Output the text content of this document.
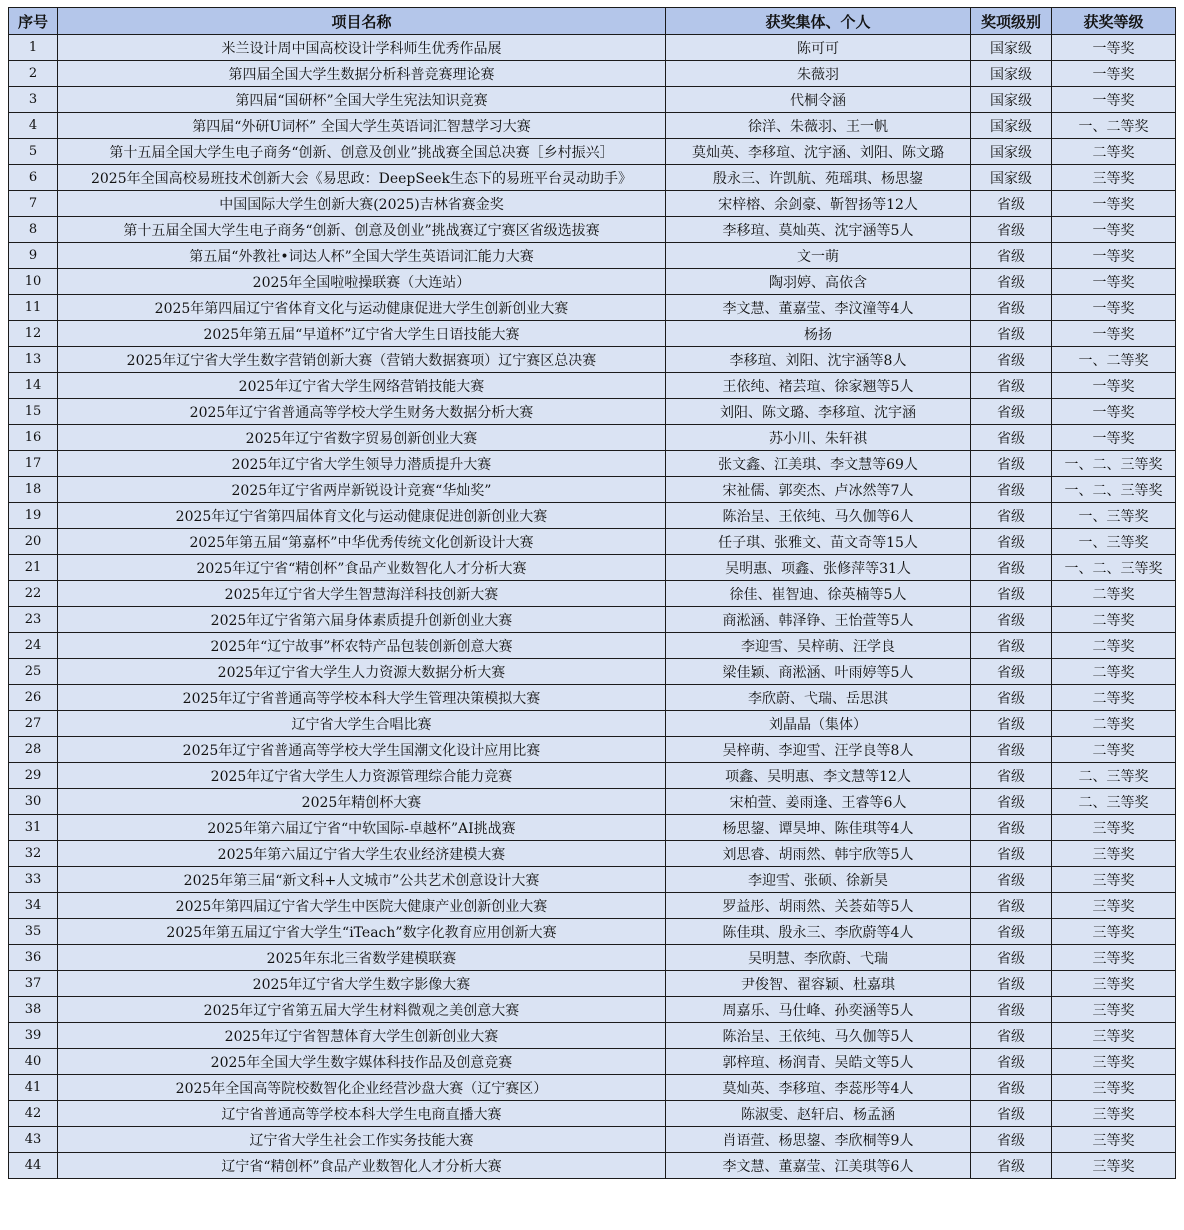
序号	项目名称	获奖集体、个人	奖项级别	获奖等级
1	米兰设计周中国高校设计学科师生优秀作品展	陈可可	国家级	一等奖
2	第四届全国大学生数据分析科普竞赛理论赛	朱薇羽	国家级	一等奖
3	第四届“国研杯”全国大学生宪法知识竞赛	代桐令涵	国家级	一等奖
4	第四届“外研U词杯” 全国大学生英语词汇智慧学习大赛	徐洋、朱薇羽、王一帆	国家级	一、二等奖
5	第十五届全国大学生电子商务“创新、创意及创业”挑战赛全国总决赛［乡村振兴］	莫灿英、李移瑄、沈宇涵、刘阳、陈文璐	国家级	二等奖
6	2025年全国高校易班技术创新大会《易思政：DeepSeek生态下的易班平台灵动助手》	殷永三、许凯航、苑瑶琪、杨思鋆	国家级	三等奖
7	中国国际大学生创新大赛(2025)吉林省赛金奖	宋梓榕、余剑豪、靳智扬等12人	省级	一等奖
8	第十五届全国大学生电子商务“创新、创意及创业”挑战赛辽宁赛区省级选拔赛	李移瑄、莫灿英、沈宇涵等5人	省级	一等奖
9	第五届“外教社•词达人杯”全国大学生英语词汇能力大赛	文一萌	省级	一等奖
10	2025年全国啦啦操联赛（大连站）	陶羽婷、高依含	省级	一等奖
11	2025年第四届辽宁省体育文化与运动健康促进大学生创新创业大赛	李文慧、董嘉莹、李汶潼等4人	省级	一等奖
12	2025年第五届“早道杯”辽宁省大学生日语技能大赛	杨扬	省级	一等奖
13	2025年辽宁省大学生数字营销创新大赛（营销大数据赛项）辽宁赛区总决赛	李移瑄、刘阳、沈宇涵等8人	省级	一、二等奖
14	2025年辽宁省大学生网络营销技能大赛	王依纯、褚芸瑄、徐家翘等5人	省级	一等奖
15	2025年辽宁省普通高等学校大学生财务大数据分析大赛	刘阳、陈文璐、李移瑄、沈宇涵	省级	一等奖
16	2025年辽宁省数字贸易创新创业大赛	苏小川、朱轩祺	省级	一等奖
17	2025年辽宁省大学生领导力潜质提升大赛	张文鑫、江美琪、李文慧等69人	省级	一、二、三等奖
18	2025年辽宁省两岸新锐设计竞赛“华灿奖”	宋祉儒、郭奕杰、卢冰然等7人	省级	一、二、三等奖
19	2025年辽宁省第四届体育文化与运动健康促进创新创业大赛	陈治呈、王依纯、马久伽等6人	省级	一、三等奖
20	2025年第五届“第嘉杯”中华优秀传统文化创新设计大赛	任子琪、张雅文、苗文奇等15人	省级	一、三等奖
21	2025年辽宁省“精创杯”食品产业数智化人才分析大赛	吴明惠、项鑫、张修萍等31人	省级	一、二、三等奖
22	2025年辽宁省大学生智慧海洋科技创新大赛	徐佳、崔智迪、徐英楠等5人	省级	二等奖
23	2025年辽宁省第六届身体素质提升创新创业大赛	商淞涵、韩泽铮、王怡萱等5人	省级	二等奖
24	2025年“辽宁故事”杯农特产品包装创新创意大赛	李迎雪、吴梓萌、汪学良	省级	二等奖
25	2025年辽宁省大学生人力资源大数据分析大赛	梁佳颖、商淞涵、叶雨婷等5人	省级	二等奖
26	2025年辽宁省普通高等学校本科大学生管理决策模拟大赛	李欣蔚、弋瑞、岳思淇	省级	二等奖
27	辽宁省大学生合唱比赛	刘晶晶（集体）	省级	二等奖
28	2025年辽宁省普通高等学校大学生国潮文化设计应用比赛	吴梓萌、李迎雪、汪学良等8人	省级	二等奖
29	2025年辽宁省大学生人力资源管理综合能力竞赛	项鑫、吴明惠、李文慧等12人	省级	二、三等奖
30	2025年精创杯大赛	宋柏萱、姜雨逢、王睿等6人	省级	二、三等奖
31	2025年第六届辽宁省“中软国际-卓越杯”AI挑战赛	杨思鋆、谭昊坤、陈佳琪等4人	省级	三等奖
32	2025年第六届辽宁省大学生农业经济建模大赛	刘思睿、胡雨然、韩宇欣等5人	省级	三等奖
33	2025年第三届“新文科+人文城市”公共艺术创意设计大赛	李迎雪、张硕、徐新昊	省级	三等奖
34	2025年第四届辽宁省大学生中医院大健康产业创新创业大赛	罗益彤、胡雨然、关荟茹等5人	省级	三等奖
35	2025年第五届辽宁省大学生“iTeach”数字化教育应用创新大赛	陈佳琪、殷永三、李欣蔚等4人	省级	三等奖
36	2025年东北三省数学建模联赛	吴明慧、李欣蔚、弋瑞	省级	三等奖
37	2025年辽宁省大学生数字影像大赛	尹俊智、翟容颖、杜嘉琪	省级	三等奖
38	2025年辽宁省第五届大学生材料微观之美创意大赛	周嘉乐、马仕峰、孙奕涵等5人	省级	三等奖
39	2025年辽宁省智慧体育大学生创新创业大赛	陈治呈、王依纯、马久伽等5人	省级	三等奖
40	2025年全国大学生数字媒体科技作品及创意竞赛	郭梓瑄、杨润青、吴皓文等5人	省级	三等奖
41	2025年全国高等院校数智化企业经营沙盘大赛（辽宁赛区）	莫灿英、李移瑄、李蕊彤等4人	省级	三等奖
42	辽宁省普通高等学校本科大学生电商直播大赛	陈淑雯、赵轩启、杨孟涵	省级	三等奖
43	辽宁省大学生社会工作实务技能大赛	肖语萱、杨思鋆、李欣桐等9人	省级	三等奖
44	辽宁省“精创杯”食品产业数智化人才分析大赛	李文慧、董嘉莹、江美琪等6人	省级	三等奖
